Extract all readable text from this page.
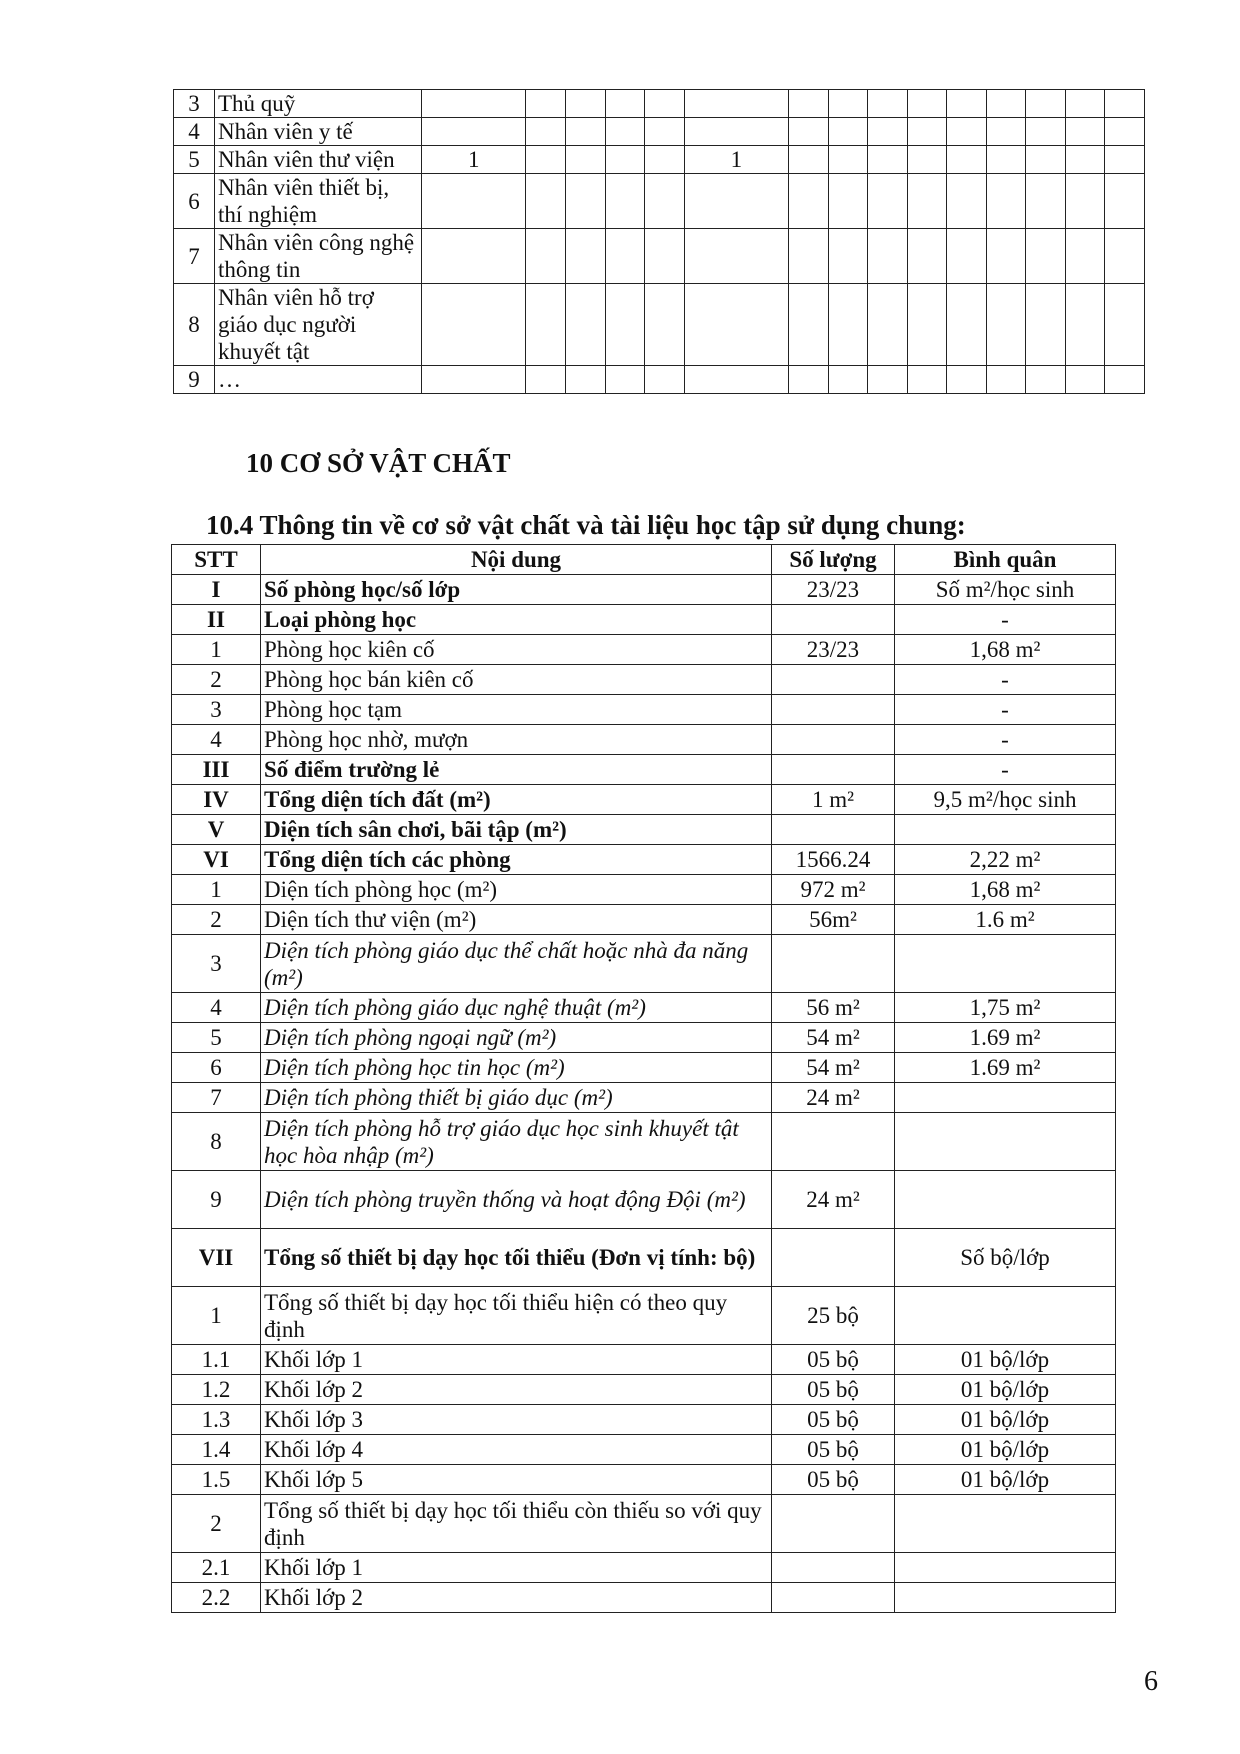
3	Thủ quỹ															
4	Nhân viên y tế															
5	Nhân viên thư viện	1					1									
6	Nhân viên thiết bị, thí nghiệm															
7	Nhân viên công nghệ thông tin															
8	Nhân viên hỗ trợ giáo dục người khuyết tật															
9	…															
10 CƠ SỞ VẬT CHẤT
10.4 Thông tin về cơ sở vật chất và tài liệu học tập sử dụng chung:
STT	Nội dung	Số lượng	Bình quân
I	Số phòng học/số lớp	23/23	Số m²/học sinh
II	Loại phòng học		-
1	Phòng học kiên cố	23/23	1,68 m²
2	Phòng học bán kiên cố		-
3	Phòng học tạm		-
4	Phòng học nhờ, mượn		-
III	Số điểm trường lẻ		-
IV	Tổng diện tích đất (m²)	1 m²	9,5 m²/học sinh
V	Diện tích sân chơi, bãi tập (m²)		
VI	Tổng diện tích các phòng	1566.24	2,22 m²
1	Diện tích phòng học (m²)	972 m²	1,68 m²
2	Diện tích thư viện (m²)	56m²	1.6 m²
3	Diện tích phòng giáo dục thể chất hoặc nhà đa năng (m²)		
4	Diện tích phòng giáo dục nghệ thuật (m²)	56 m²	1,75 m²
5	Diện tích phòng ngoại ngữ (m²)	54 m²	1.69 m²
6	Diện tích phòng học tin học (m²)	54 m²	1.69 m²
7	Diện tích phòng thiết bị giáo dục (m²)	24 m²	
8	Diện tích phòng hỗ trợ giáo dục học sinh khuyết tật học hòa nhập (m²)		
9	Diện tích phòng truyền thống và hoạt động Đội (m²)	24 m²	
VII	Tổng số thiết bị dạy học tối thiểu (Đơn vị tính: bộ)		Số bộ/lớp
1	Tổng số thiết bị dạy học tối thiểu hiện có theo quy định	25 bộ	
1.1	Khối lớp 1	05 bộ	01 bộ/lớp
1.2	Khối lớp 2	05 bộ	01 bộ/lớp
1.3	Khối lớp 3	05 bộ	01 bộ/lớp
1.4	Khối lớp 4	05 bộ	01 bộ/lớp
1.5	Khối lớp 5	05 bộ	01 bộ/lớp
2	Tổng số thiết bị dạy học tối thiểu còn thiếu so với quy định		
2.1	Khối lớp 1		
2.2	Khối lớp 2		
6
